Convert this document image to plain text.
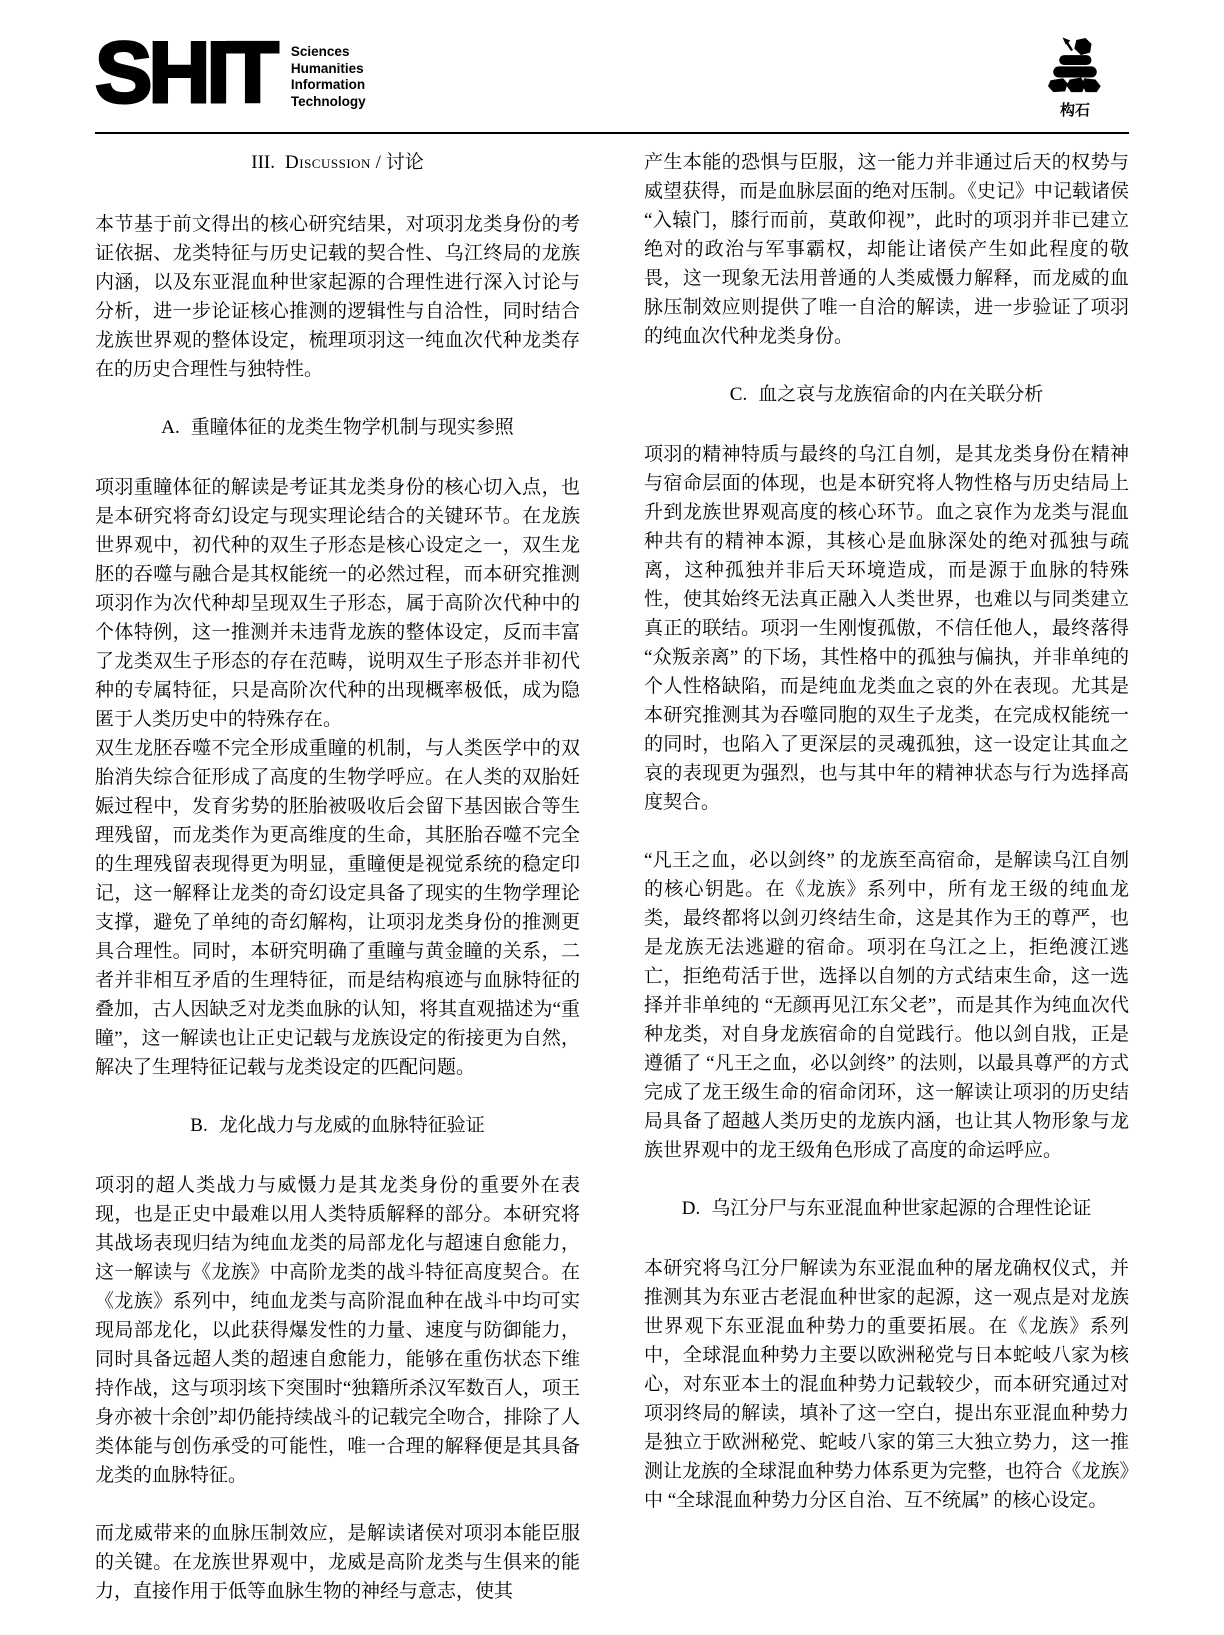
SHIT Sciences
Humanities
Information
Technology
构石
III. Discussion / 讨论

本节基于前文得出的核心研究结果，对项羽龙类身份的考证依据、龙类特征与历史记载的契合性、乌江终局的龙族内涵，以及东亚混血种世家起源的合理性进行深入讨论与分析，进一步论证核心推测的逻辑性与自洽性，同时结合龙族世界观的整体设定，梳理项羽这一纯血次代种龙类存在的历史合理性与独特性。

A. 重瞳体征的龙类生物学机制与现实参照

项羽重瞳体征的解读是考证其龙类身份的核心切入点，也是本研究将奇幻设定与现实理论结合的关键环节。在龙族世界观中，初代种的双生子形态是核心设定之一，双生龙胚的吞噬与融合是其权能统一的必然过程，而本研究推测项羽作为次代种却呈现双生子形态，属于高阶次代种中的个体特例，这一推测并未违背龙族的整体设定，反而丰富了龙类双生子形态的存在范畴，说明双生子形态并非初代种的专属特征，只是高阶次代种的出现概率极低，成为隐匿于人类历史中的特殊存在。

双生龙胚吞噬不完全形成重瞳的机制，与人类医学中的双胎消失综合征形成了高度的生物学呼应。在人类的双胎妊娠过程中，发育劣势的胚胎被吸收后会留下基因嵌合等生理残留，而龙类作为更高维度的生命，其胚胎吞噬不完全的生理残留表现得更为明显，重瞳便是视觉系统的稳定印记，这一解释让龙类的奇幻设定具备了现实的生物学理论支撑，避免了单纯的奇幻解构，让项羽龙类身份的推测更具合理性。同时，本研究明确了重瞳与黄金瞳的关系，二者并非相互矛盾的生理特征，而是结构痕迹与血脉特征的叠加，古人因缺乏对龙类血脉的认知，将其直观描述为“重瞳”，这一解读也让正史记载与龙族设定的衔接更为自然，解决了生理特征记载与龙类设定的匹配问题。

B. 龙化战力与龙威的血脉特征验证

项羽的超人类战力与威慑力是其龙类身份的重要外在表现，也是正史中最难以用人类特质解释的部分。本研究将其战场表现归结为纯血龙类的局部龙化与超速自愈能力，这一解读与《龙族》中高阶龙类的战斗特征高度契合。在《龙族》系列中，纯血龙类与高阶混血种在战斗中均可实现局部龙化，以此获得爆发性的力量、速度与防御能力，同时具备远超人类的超速自愈能力，能够在重伤状态下维持作战，这与项羽垓下突围时“独籍所杀汉军数百人，项王身亦被十余创”却仍能持续战斗的记载完全吻合，排除了人类体能与创伤承受的可能性，唯一合理的解释便是其具备龙类的血脉特征。

而龙威带来的血脉压制效应，是解读诸侯对项羽本能臣服的关键。在龙族世界观中，龙威是高阶龙类与生俱来的能力，直接作用于低等血脉生物的神经与意志，使其

产生本能的恐惧与臣服，这一能力并非通过后天的权势与威望获得，而是血脉层面的绝对压制。《史记》中记载诸侯“入辕门，膝行而前，莫敢仰视”，此时的项羽并非已建立绝对的政治与军事霸权，却能让诸侯产生如此程度的敬畏，这一现象无法用普通的人类威慑力解释，而龙威的血脉压制效应则提供了唯一自洽的解读，进一步验证了项羽的纯血次代种龙类身份。

C. 血之哀与龙族宿命的内在关联分析

项羽的精神特质与最终的乌江自刎，是其龙类身份在精神与宿命层面的体现，也是本研究将人物性格与历史结局上升到龙族世界观高度的核心环节。血之哀作为龙类与混血种共有的精神本源，其核心是血脉深处的绝对孤独与疏离，这种孤独并非后天环境造成，而是源于血脉的特殊性，使其始终无法真正融入人类世界，也难以与同类建立真正的联结。项羽一生刚愎孤傲，不信任他人，最终落得 “众叛亲离” 的下场，其性格中的孤独与偏执，并非单纯的个人性格缺陷，而是纯血龙类血之哀的外在表现。尤其是本研究推测其为吞噬同胞的双生子龙类，在完成权能统一的同时，也陷入了更深层的灵魂孤独，这一设定让其血之哀的表现更为强烈，也与其中年的精神状态与行为选择高度契合。

“凡王之血，必以剑终” 的龙族至高宿命，是解读乌江自刎的核心钥匙。在《龙族》系列中，所有龙王级的纯血龙类，最终都将以剑刃终结生命，这是其作为王的尊严，也是龙族无法逃避的宿命。项羽在乌江之上，拒绝渡江逃亡，拒绝苟活于世，选择以自刎的方式结束生命，这一选择并非单纯的 “无颜再见江东父老”，而是其作为纯血次代种龙类，对自身龙族宿命的自觉践行。他以剑自戕，正是遵循了 “凡王之血，必以剑终” 的法则，以最具尊严的方式完成了龙王级生命的宿命闭环，这一解读让项羽的历史结局具备了超越人类历史的龙族内涵，也让其人物形象与龙族世界观中的龙王级角色形成了高度的命运呼应。

D. 乌江分尸与东亚混血种世家起源的合理性论证

本研究将乌江分尸解读为东亚混血种的屠龙确权仪式，并推测其为东亚古老混血种世家的起源，这一观点是对龙族世界观下东亚混血种势力的重要拓展。在《龙族》系列中，全球混血种势力主要以欧洲秘党与日本蛇岐八家为核心，对东亚本土的混血种势力记载较少，而本研究通过对项羽终局的解读，填补了这一空白，提出东亚混血种势力是独立于欧洲秘党、蛇岐八家的第三大独立势力，这一推测让龙族的全球混血种势力体系更为完整，也符合《龙族》中 “全球混血种势力分区自治、互不统属” 的核心设定。
